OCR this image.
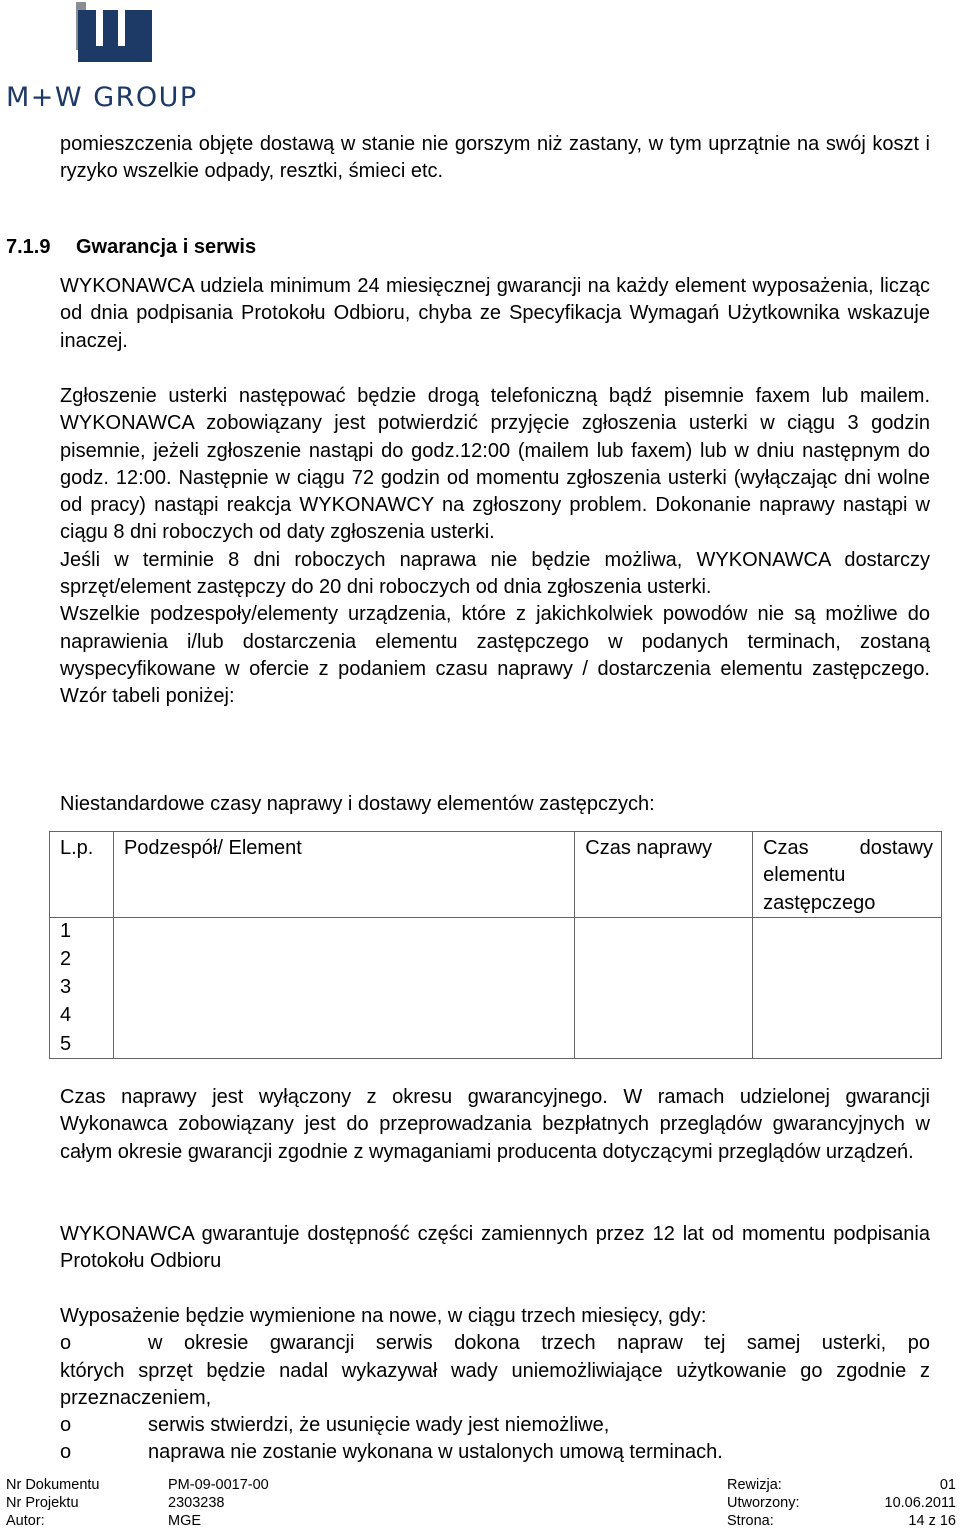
M+W GROUP

pomieszczenia objęte dostawą w stanie nie gorszym niż zastany, w tym uprzątnie na swój koszt i ryzyko wszelkie odpady, resztki, śmieci etc.

7.1.9 Gwarancja i serwis

WYKONAWCA udziela minimum 24 miesięcznej gwarancji na każdy element wyposażenia, licząc od dnia podpisania Protokołu Odbioru, chyba ze Specyfikacja Wymagań Użytkownika wskazuje inaczej.

Zgłoszenie usterki następować będzie drogą telefoniczną bądź pisemnie faxem lub mailem. WYKONAWCA zobowiązany jest potwierdzić przyjęcie zgłoszenia usterki w ciągu 3 godzin pisemnie, jeżeli zgłoszenie nastąpi do godz.12:00 (mailem lub faxem) lub w dniu następnym do godz. 12:00. Następnie w ciągu 72 godzin od momentu zgłoszenia usterki (wyłączając dni wolne od pracy) nastąpi reakcja WYKONAWCY na zgłoszony problem. Dokonanie naprawy nastąpi w ciągu 8 dni roboczych od daty zgłoszenia usterki.

Jeśli w terminie 8 dni roboczych naprawa nie będzie możliwa, WYKONAWCA dostarczy sprzęt/element zastępczy do 20 dni roboczych od dnia zgłoszenia usterki.

Wszelkie podzespoły/elementy urządzenia, które z jakichkolwiek powodów nie są możliwe do naprawienia i/lub dostarczenia elementu zastępczego w podanych terminach, zostaną wyspecyfikowane w ofercie z podaniem czasu naprawy / dostarczenia elementu zastępczego. Wzór tabeli poniżej:

Niestandardowe czasy naprawy i dostawy elementów zastępczych:

L.p.	Podzespół/ Element	Czas naprawy	Czas dostawy elementu zastępczego

1			
2			
3			
4			
5			

Czas naprawy jest wyłączony z okresu gwarancyjnego. W ramach udzielonej gwarancji Wykonawca zobowiązany jest do przeprowadzania bezpłatnych przeglądów gwarancyjnych w całym okresie gwarancji zgodnie z wymaganiami producenta dotyczącymi przeglądów urządzeń.

WYKONAWCA gwarantuje dostępność części zamiennych przez 12 lat od momentu podpisania Protokołu Odbioru

Wyposażenie będzie wymienione na nowe, w ciągu trzech miesięcy, gdy:

o	w okresie gwarancji serwis dokona trzech napraw tej samej usterki, po

których sprzęt będzie nadal wykazywał wady uniemożliwiające użytkowanie go zgodnie z przeznaczeniem,

o	serwis stwierdzi, że usunięcie wady jest niemożliwe,
o	naprawa nie zostanie wykonana w ustalonych umową terminach.
Nr Dokumentu	PM-09-0017-00	Rewizja:	01
Nr Projektu	2303238	Utworzony:	10.06.2011
Autor:	MGE	Strona:	14 z 16
